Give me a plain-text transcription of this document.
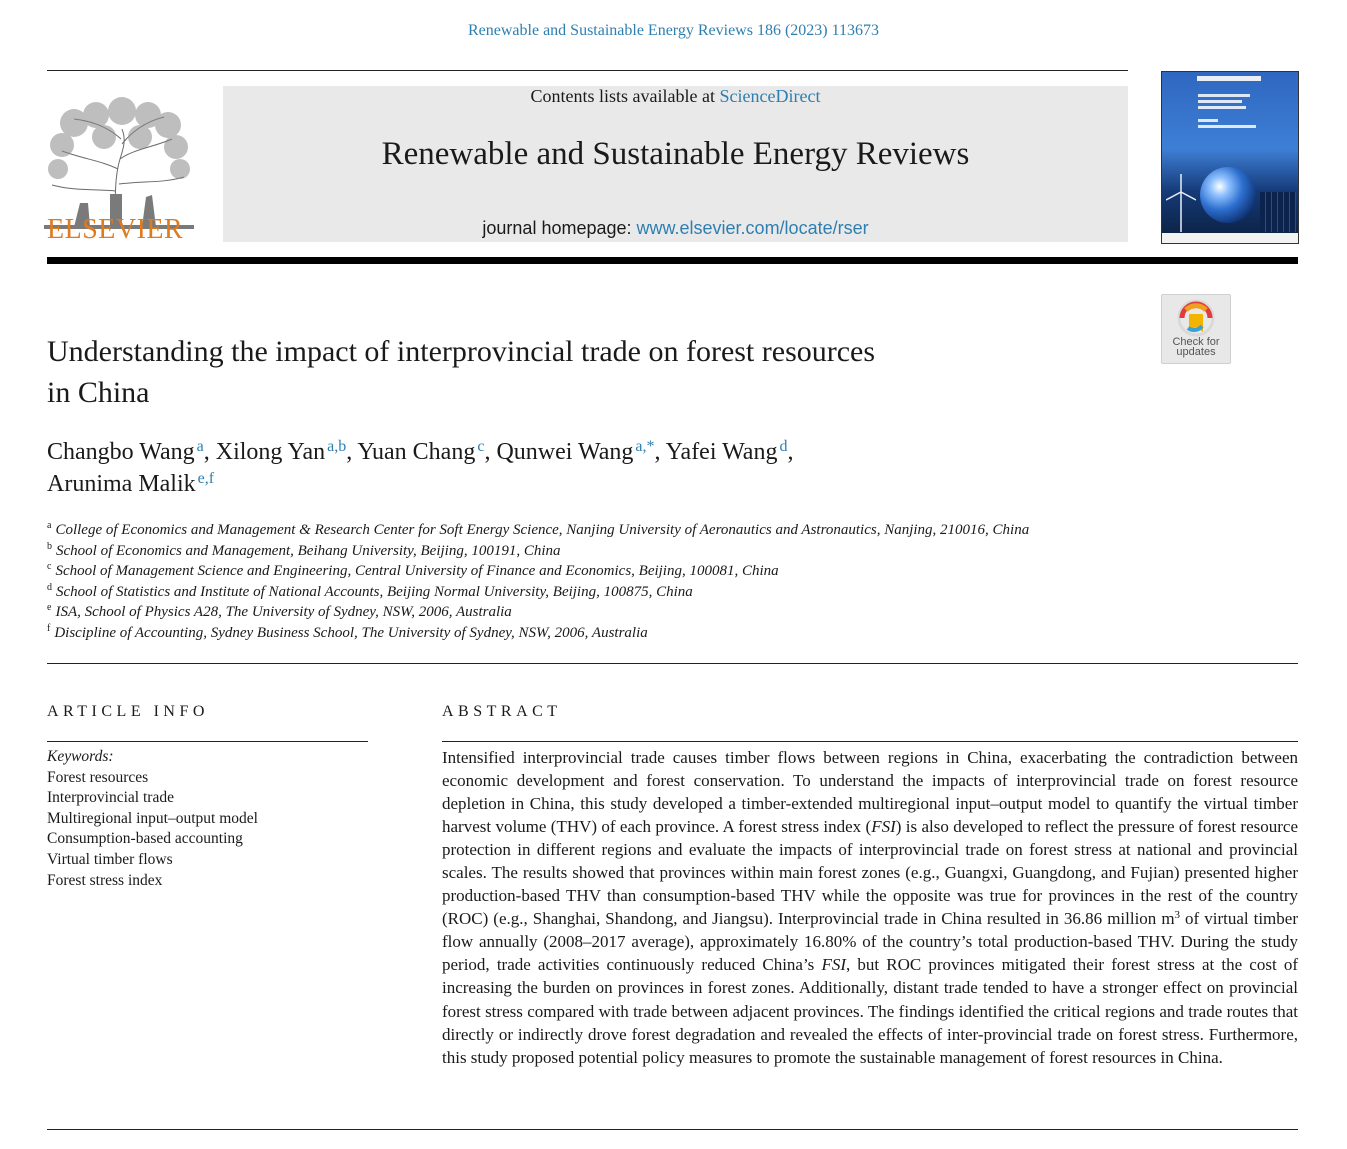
Renewable and Sustainable Energy Reviews 186 (2023) 113673
ELSEVIER
Contents lists available at ScienceDirect
Renewable and Sustainable Energy Reviews
journal homepage: www.elsevier.com/locate/rser
Check for
updates
Understanding the impact of interprovincial trade on forest resources
in China
Changbo Wang  $^a$, Xilong Yan  $^{a,b}$, Yuan Chang  $^c$, Qunwei Wang  $^{a,*}$, Yafei Wang  $^d$,
Arunima Malik  $^{e,f}$
$^a$ College of Economics and Management & Research Center for Soft Energy Science, Nanjing University of Aeronautics and Astronautics, Nanjing, 210016, China
$^b$ School of Economics and Management, Beihang University, Beijing, 100191, China
$^c$ School of Management Science and Engineering, Central University of Finance and Economics, Beijing, 100081, China
$^d$ School of Statistics and Institute of National Accounts, Beijing Normal University, Beijing, 100875, China
$^e$ ISA, School of Physics A28, The University of Sydney, NSW, 2006, Australia
$^f$ Discipline of Accounting, Sydney Business School, The University of Sydney, NSW, 2006, Australia
ARTICLE INFO	ABSTRACT
Keywords:
Forest resources
Interprovincial trade
Multiregional input–output model
Consumption-based accounting
Virtual timber flows
Forest stress index
Intensified interprovincial trade causes timber flows between regions in China, exacerbating the contradiction between economic development and forest conservation. To understand the impacts of interprovincial trade on forest resource depletion in China, this study developed a timber-extended multiregional input–output model to quantify the virtual timber harvest volume (THV) of each province. A forest stress index (FSI) is also developed to reflect the pressure of forest resource protection in different regions and evaluate the impacts of interprovincial trade on forest stress at national and provincial scales. The results showed that provinces within main forest zones (e.g., Guangxi, Guangdong, and Fujian) presented higher production-based THV than consumption-based THV while the opposite was true for provinces in the rest of the country (ROC) (e.g., Shanghai, Shandong, and Jiangsu). Interprovincial trade in China resulted in 36.86 million $m^3$ of virtual timber flow annually (2008–2017 average), approximately 16.80% of the country’s total production-based THV. During the study period, trade activities continuously reduced China’s FSI, but ROC provinces mitigated their forest stress at the cost of increasing the burden on provinces in forest zones. Additionally, distant trade tended to have a stronger effect on provincial forest stress compared with trade between adjacent provinces. The findings identified the critical regions and trade routes that directly or indirectly drove forest degradation and revealed the effects of inter-provincial trade on forest stress. Furthermore, this study proposed potential policy measures to promote the sustainable management of forest resources in China.
